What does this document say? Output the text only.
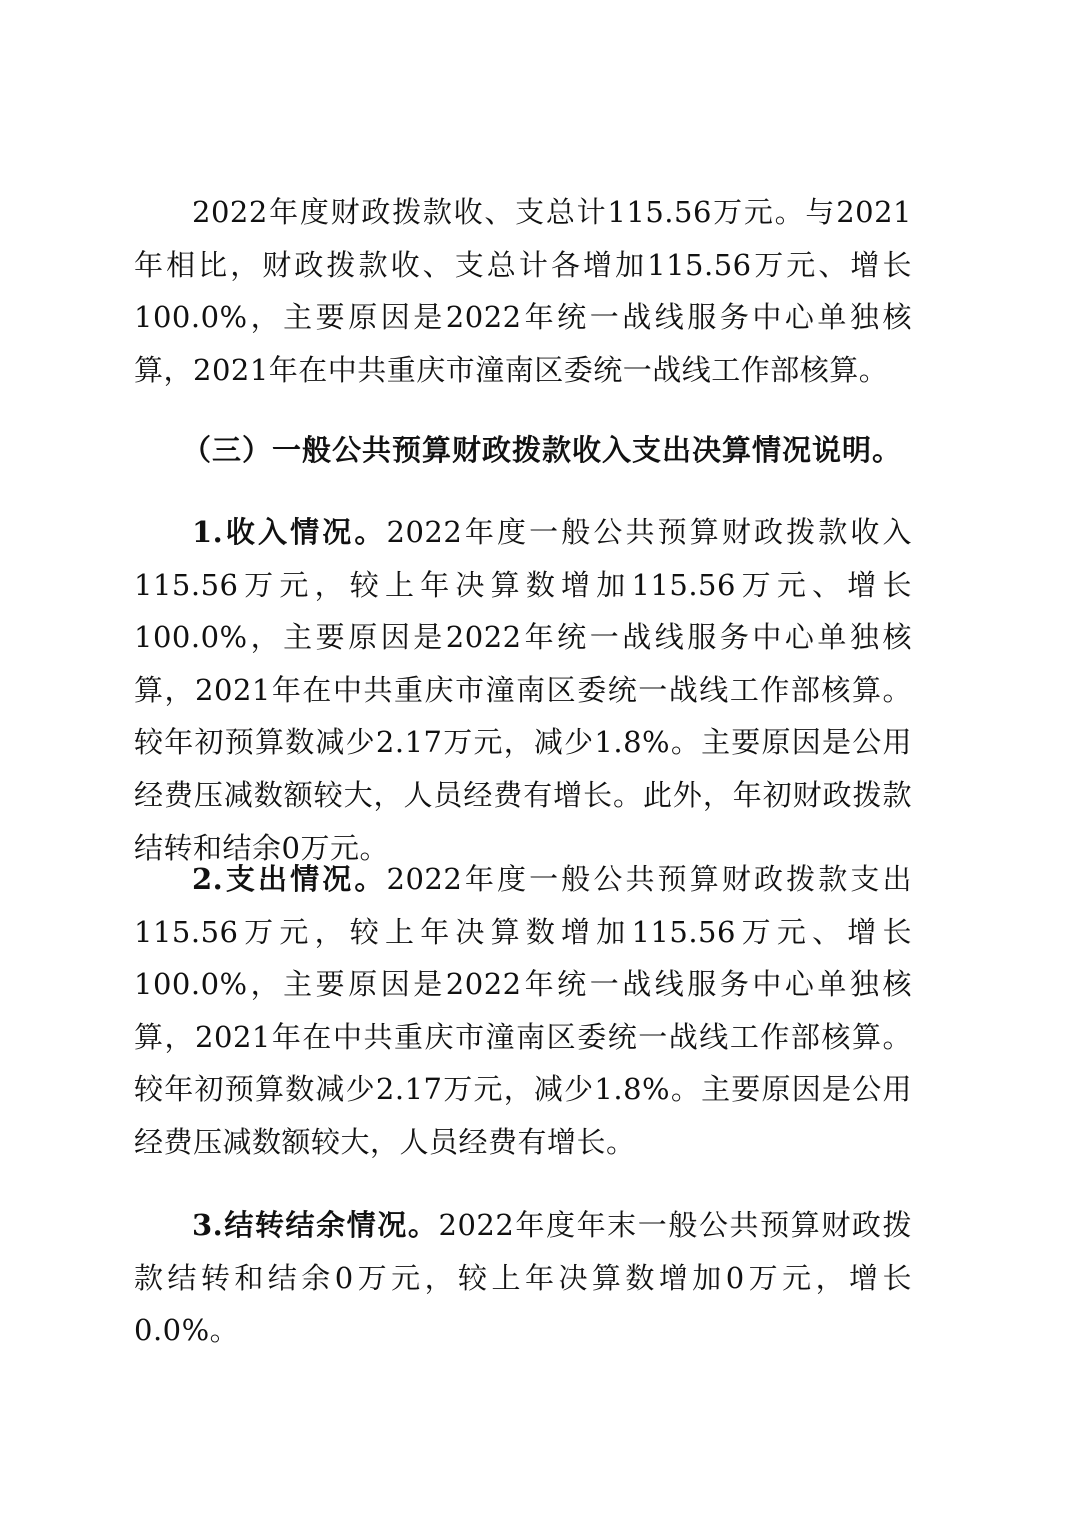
2022年度财政拨款收、支总计115.56万元。与2021年相比，财政拨款收、支总计各增加115.56万元、增长100.0%，主要原因是2022年统一战线服务中心单独核算，2021年在中共重庆市潼南区委统一战线工作部核算。

（三）一般公共预算财政拨款收入支出决算情况说明。

1.收入情况。2022年度一般公共预算财政拨款收入115.56万元，较上年决算数增加115.56万元、增长100.0%，主要原因是2022年统一战线服务中心单独核算，2021年在中共重庆市潼南区委统一战线工作部核算。较年初预算数减少2.17万元，减少1.8%。主要原因是公用经费压减数额较大，人员经费有增长。此外，年初财政拨款结转和结余0万元。

2.支出情况。2022年度一般公共预算财政拨款支出115.56万元，较上年决算数增加115.56万元、增长100.0%，主要原因是2022年统一战线服务中心单独核算，2021年在中共重庆市潼南区委统一战线工作部核算。较年初预算数减少2.17万元，减少1.8%。主要原因是公用经费压减数额较大，人员经费有增长。

3.结转结余情况。2022年度年末一般公共预算财政拨款结转和结余0万元，较上年决算数增加0万元，增长0.0%。
